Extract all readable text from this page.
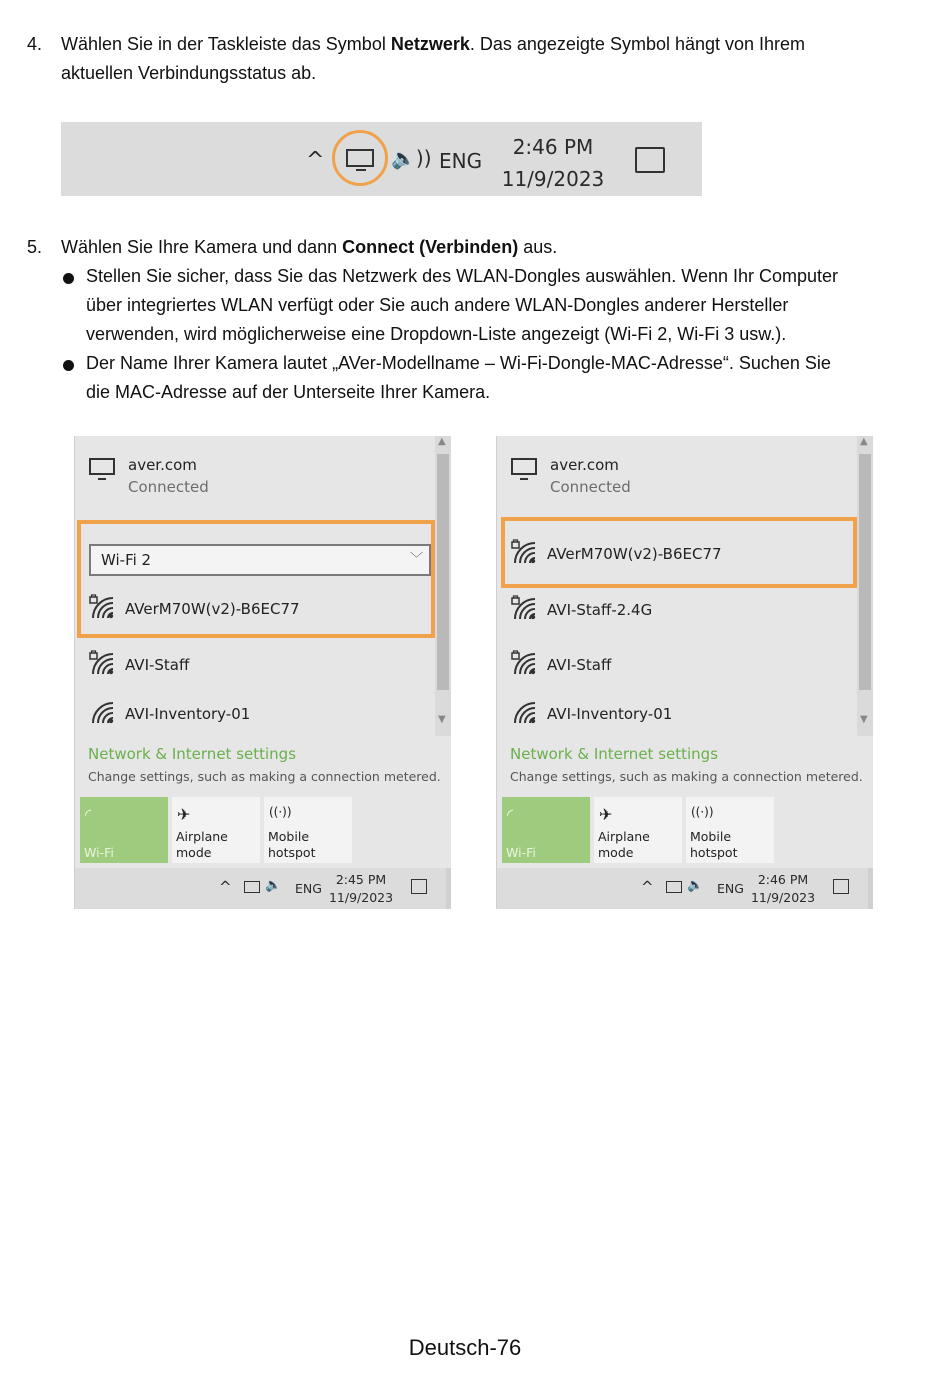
4. Wählen Sie in der Taskleiste das Symbol Netzwerk. Das angezeigte Symbol hängt von Ihrem
aktuellen Verbindungsstatus ab.
^	🔈)) ENG
2:46 PM
11/9/2023
5. Wählen Sie Ihre Kamera und dann Connect (Verbinden) aus.
Stellen Sie sicher, dass Sie das Netzwerk des WLAN-Dongles auswählen. Wenn Ihr Computer
über integriertes WLAN verfügt oder Sie auch andere WLAN-Dongles anderer Hersteller
verwenden, wird möglicherweise eine Dropdown-Liste angezeigt (Wi-Fi 2, Wi-Fi 3 usw.).
Der Name Ihrer Kamera lautet „AVer-Modellname – Wi-Fi-Dongle-MAC-Adresse“. Suchen Sie
die MAC-Adresse auf der Unterseite Ihrer Kamera.
▲
▼
aver.com
Connected
Wi-Fi 2	﹀
AVerM70W(v2)-B6EC77
AVI-Staff
AVI-Inventory-01
Network & Internet settings
Change settings, such as making a connection metered.
◜
Wi-Fi
✈
Airplane mode
((·))
Mobile
hotspot
^	🔈 ENG
2:45 PM
11/9/2023
▲
▼
aver.com
Connected
AVerM70W(v2)-B6EC77
AVI-Staff-2.4G
AVI-Staff
AVI-Inventory-01
Network & Internet settings
Change settings, such as making a connection metered.
◜
Wi-Fi
✈
Airplane mode
((·))
Mobile
hotspot
^	🔈 ENG
2:46 PM
11/9/2023
Deutsch-76
